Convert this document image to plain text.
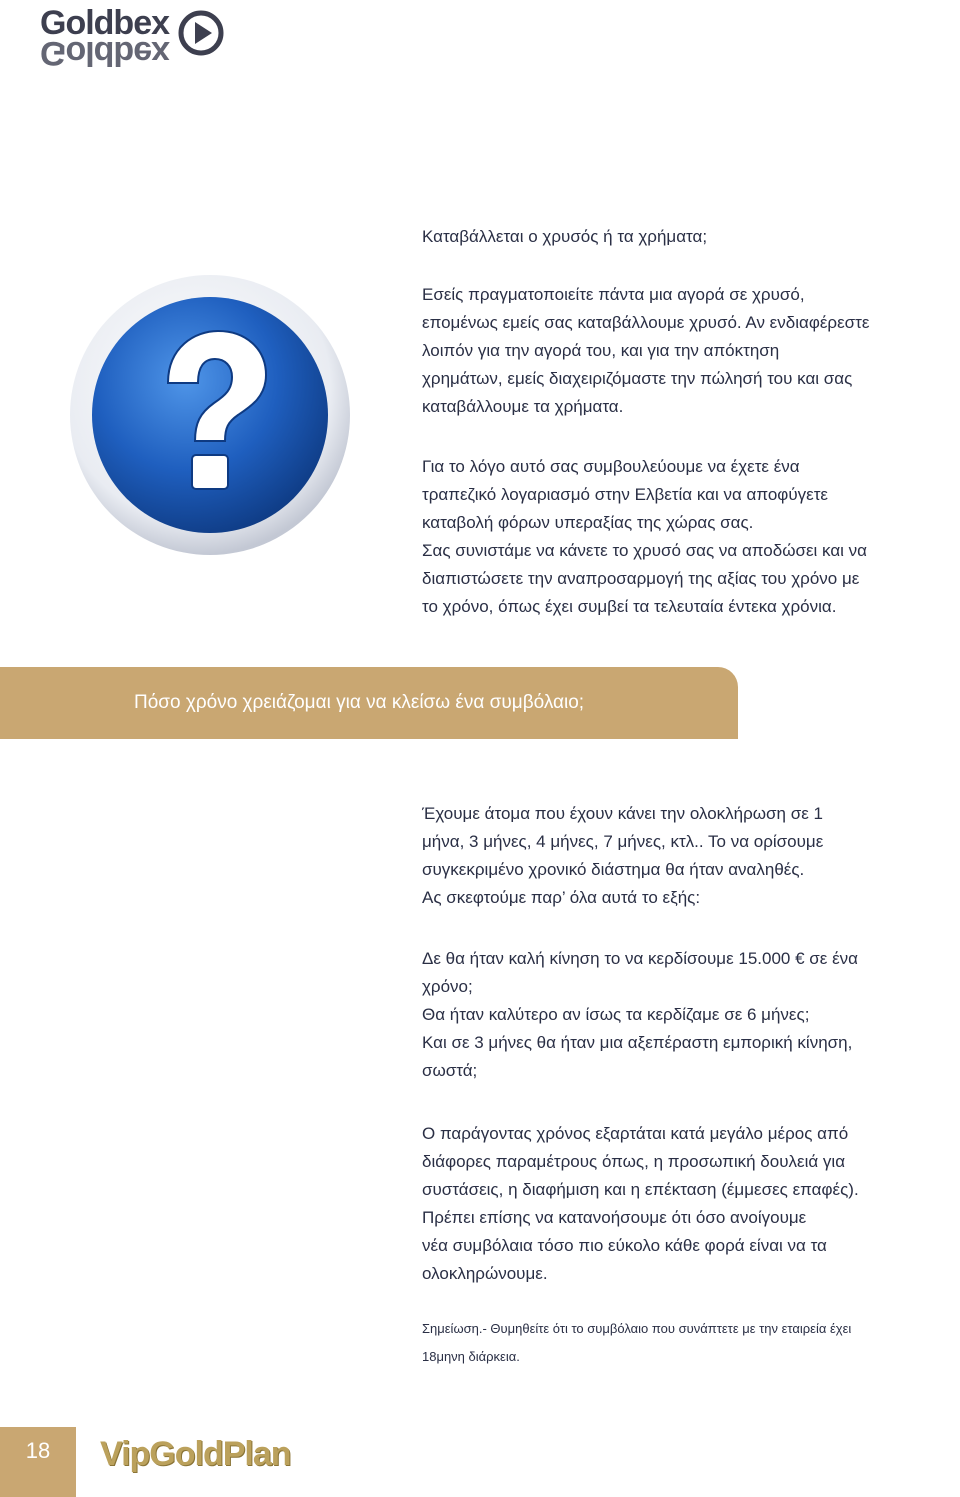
Goldbex
Goldbex

Καταβάλλεται ο χρυσός ή τα χρήματα;

Εσείς πραγματοποιείτε πάντα μια αγορά σε χρυσό,

επομένως εμείς σας καταβάλλουμε χρυσό. Αν ενδιαφέρεστε

λοιπόν για την αγορά του, και για την απόκτηση

χρημάτων, εμείς διαχειριζόμαστε την πώλησή του και σας

καταβάλλουμε τα χρήματα.

Για το λόγο αυτό σας συμβουλεύουμε να έχετε ένα

τραπεζικό λογαριασμό στην Ελβετία και να αποφύγετε

καταβολή φόρων υπεραξίας της χώρας σας.

Σας συνιστάμε να κάνετε το χρυσό σας να αποδώσει και να

διαπιστώσετε την αναπροσαρμογή της αξίας του χρόνο με

το χρόνο, όπως έχει συμβεί τα τελευταία έντεκα χρόνια.

Πόσο χρόνο χρειάζομαι για να κλείσω ένα συμβόλαιο;

Έχουμε άτομα που έχουν κάνει την ολοκλήρωση σε 1

μήνα, 3 μήνες, 4 μήνες, 7 μήνες, κτλ.. Το να ορίσουμε

συγκεκριμένο χρονικό διάστημα θα ήταν αναληθές.

Ας σκεφτούμε παρ’ όλα αυτά το εξής:

Δε θα ήταν καλή κίνηση το να κερδίσουμε 15.000 € σε ένα

χρόνο;

Θα ήταν καλύτερο αν ίσως τα κερδίζαμε σε 6 μήνες;

Και σε 3 μήνες θα ήταν μια αξεπέραστη εμπορική κίνηση,

σωστά;

Ο παράγοντας χρόνος εξαρτάται κατά μεγάλο μέρος από

διάφορες παραμέτρους όπως, η προσωπική δουλειά για

συστάσεις, η διαφήμιση και η επέκταση (έμμεσες επαφές).

Πρέπει επίσης να κατανοήσουμε ότι όσο ανοίγουμε

νέα συμβόλαια τόσο πιο εύκολο κάθε φορά είναι να τα

ολοκληρώνουμε.

Σημείωση.- Θυμηθείτε ότι το συμβόλαιο που συνάπτετε με την εταιρεία έχει
18μηνη διάρκεια.
18	VipGoldPlan
